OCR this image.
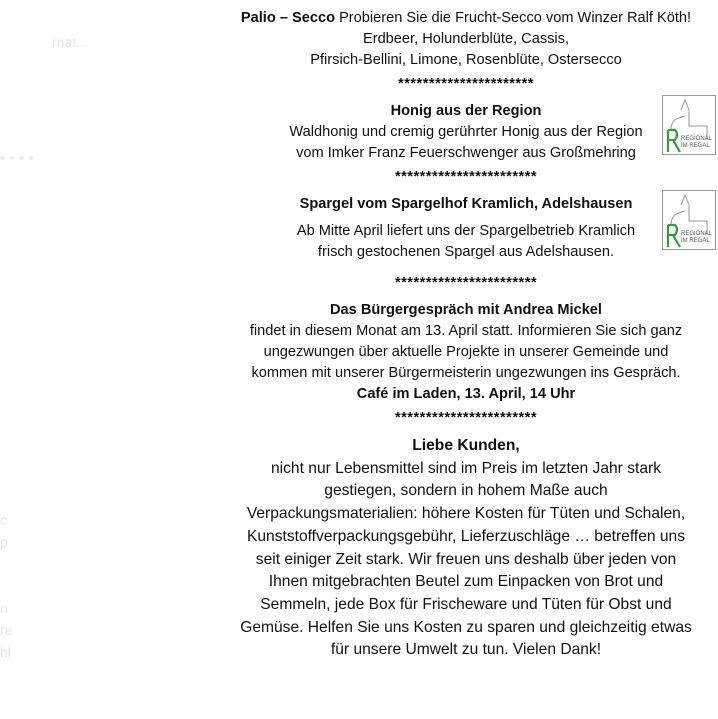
rnat...
* * * *
c
p
n
re
hl
Palio – Secco Probieren Sie die Frucht-Secco vom Winzer Ralf Köth!
Erdbeer, Holunderblüte, Cassis,
Pfirsich-Bellini, Limone, Rosenblüte, Ostersecco
**********************
Honig aus der Region
Waldhonig und cremig gerührter Honig aus der Region
vom Imker Franz Feuerschwenger aus Großmehring
REGIONAL
IM REGAL
***********************
Spargel vom Spargelhof Kramlich, Adelshausen
Ab Mitte April liefert uns der Spargelbetrieb Kramlich
frisch gestochenen Spargel aus Adelshausen.
REGIONAL
IM REGAL
***********************
Das Bürgergespräch mit Andrea Mickel
findet in diesem Monat am 13. April statt. Informieren Sie sich ganz
ungezwungen über aktuelle Projekte in unserer Gemeinde und
kommen mit unserer Bürgermeisterin ungezwungen ins Gespräch.
Café im Laden, 13. April, 14 Uhr
***********************
Liebe Kunden,
nicht nur Lebensmittel sind im Preis im letzten Jahr stark
gestiegen, sondern in hohem Maße auch
Verpackungsmaterialien: höhere Kosten für Tüten und Schalen,
Kunststoffverpackungsgebühr, Lieferzuschläge … betreffen uns
seit einiger Zeit stark. Wir freuen uns deshalb über jeden von
Ihnen mitgebrachten Beutel zum Einpacken von Brot und
Semmeln, jede Box für Frischeware und Tüten für Obst und
Gemüse. Helfen Sie uns Kosten zu sparen und gleichzeitig etwas
für unsere Umwelt zu tun. Vielen Dank!
